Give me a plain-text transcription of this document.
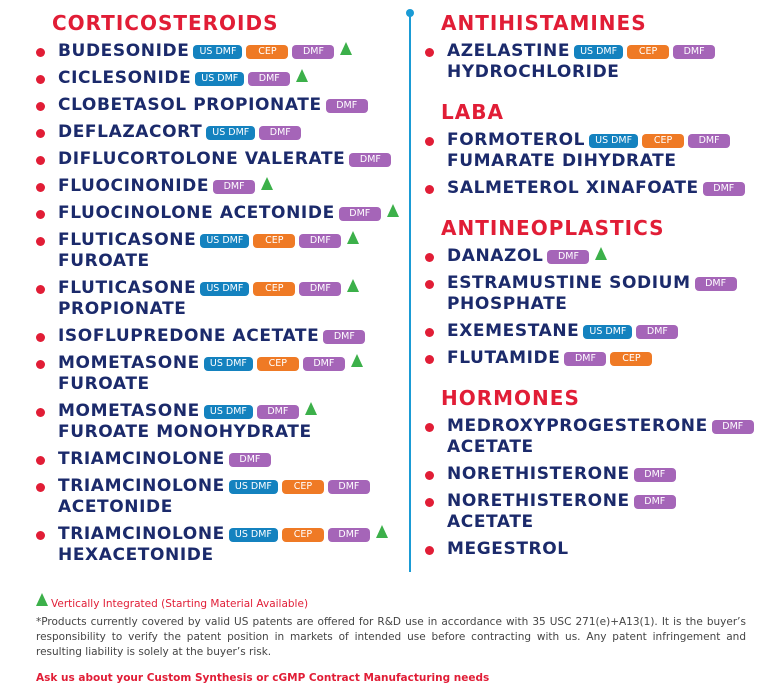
CORTICOSTEROIDS
BUDESONIDE US DMF CEP	DMF
CICLESONIDE US DMF DMF
CLOBETASOL PROPIONATE DMF
DEFLAZACORT US DMF DMF
DIFLUCORTOLONE VALERATE DMF
FLUOCINONIDE DMF
FLUOCINOLONE ACETONIDE DMF
FLUTICASONE US DMF CEP	DMF
FUROATE
FLUTICASONE US DMF CEP	DMF
PROPIONATE
ISOFLUPREDONE ACETATE DMF
MOMETASONE US DMF CEP	DMF
FUROATE
MOMETASONE US DMF DMF
FUROATE MONOHYDRATE
TRIAMCINOLONE DMF
TRIAMCINOLONE US DMF CEP	DMF
ACETONIDE
TRIAMCINOLONE US DMF CEP	DMF
HEXACETONIDE
ANTIHISTAMINES
AZELASTINE US DMF CEP	DMF
HYDROCHLORIDE
LABA
FORMOTEROL US DMF CEP	DMF
FUMARATE DIHYDRATE
SALMETEROL XINAFOATE DMF
ANTINEOPLASTICS
DANAZOL DMF
ESTRAMUSTINE SODIUM DMF
PHOSPHATE
EXEMESTANE US DMF DMF
FLUTAMIDE DMF	CEP
HORMONES
MEDROXYPROGESTERONE DMF
ACETATE
NORETHISTERONE DMF
NORETHISTERONE DMF
ACETATE
MEGESTROL
Vertically Integrated (Starting Material Available)
*Products currently covered by valid US patents are offered for R&D use in accordance with 35 USC 271(e)+A13(1). It is the buyer’s responsibility to verify the patent position in markets of intended use before contracting with us. Any patent infringement and resulting liability is solely at the buyer’s risk.
Ask us about your Custom Synthesis or cGMP Contract Manufacturing needs
